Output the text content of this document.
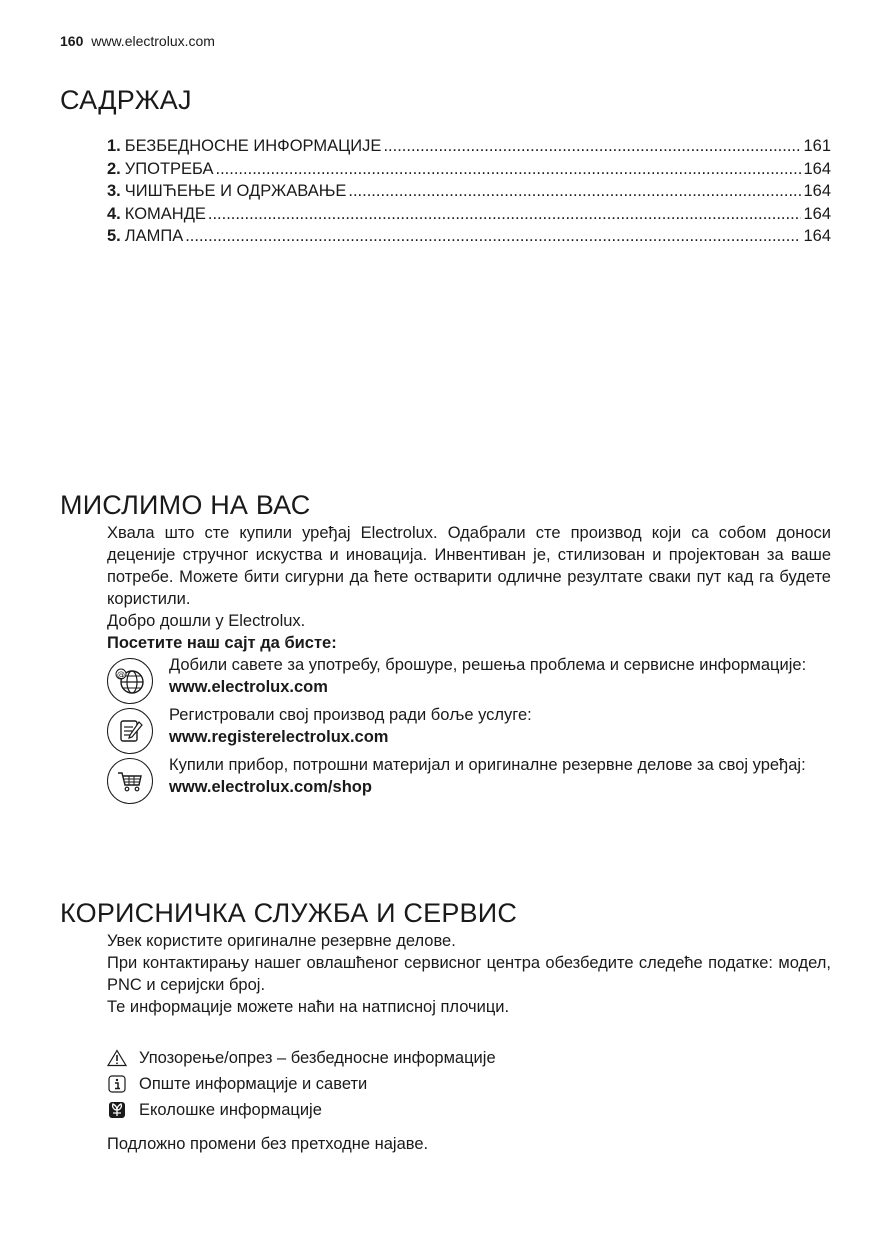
160 www.electrolux.com
САДРЖАЈ
1. БЕЗБЕДНОСНЕ ИНФОРМАЦИЈЕ .....	161
2. УПОТРЕБА .....	164
3. ЧИШЋЕЊЕ И ОДРЖАВАЊЕ .....	164
4. КОМАНДЕ .....	164
5. ЛАМПА .....	164
МИСЛИМО НА ВАС
Хвала што сте купили уређај Electrolux. Одабрали сте производ који са собом доноси деценије стручног искуства и иновација. Инвентиван је, стилизован и пројектован за ваше потребе. Можете бити сигурни да ћете остварити одличне резултате сваки пут кад га будете користили.
Добро дошли у Electrolux.
Посетите наш сајт да бисте:
@
Добили савете за употребу, брошуре, решења проблема и сервисне информације:
www.electrolux.com
Регистровали свој производ ради боље услуге:
www.registerelectrolux.com
Купили прибор, потрошни материјал и оригиналне резервне делове за свој уређај:
www.electrolux.com/shop
КОРИСНИЧКА СЛУЖБА И СЕРВИС
Увек користите оригиналне резервне делове.
При контактирању нашег овлашћеног сервисног центра обезбедите следеће податке: модел, PNC и серијски број.
Те информације можете наћи на натписној плочици.
Упозорење/опрез – безбедносне информације
Опште информације и савети
Еколошке информације
Подложно промени без претходне најаве.
